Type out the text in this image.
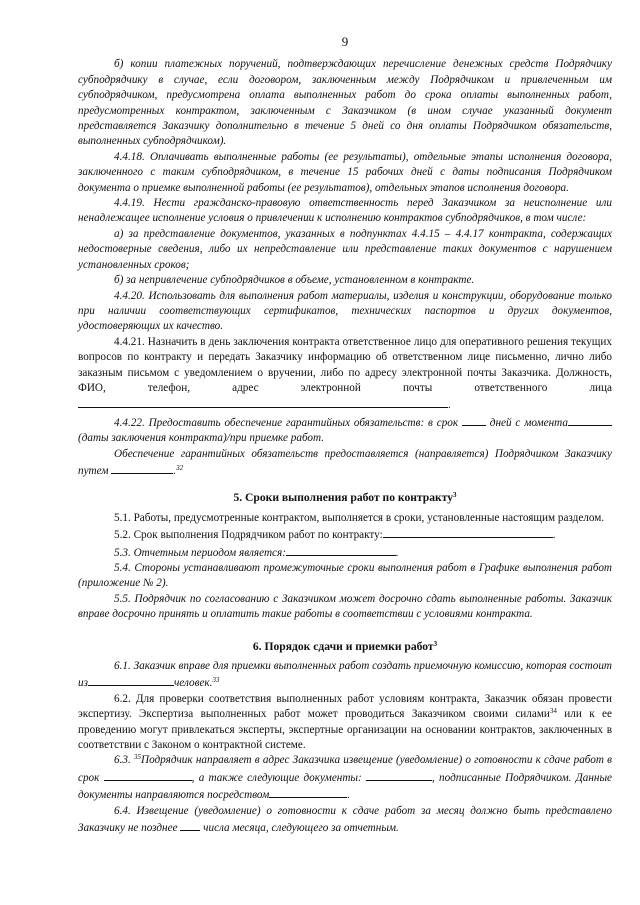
9

б) копии платежных поручений, подтверждающих перечисление денежных средств Подрядчику субподрядчику в случае, если договором, заключенным между Подрядчиком и привлеченным им субподрядчиком, предусмотрена оплата выполненных работ до срока оплаты выполненных работ, предусмотренных контрактом, заключенным с Заказчиком (в ином случае указанный документ представляется Заказчику дополнительно в течение 5 дней со дня оплаты Подрядчиком обязательств, выполненных субподрядчиком).

4.4.18. Оплачивать выполненные работы (ее результаты), отдельные этапы исполнения договора, заключенного с таким субподрядчиком, в течение 15 рабочих дней с даты подписания Подрядчиком документа о приемке выполненной работы (ее результатов), отдельных этапов исполнения договора.

4.4.19. Нести гражданско-правовую ответственность перед Заказчиком за неисполнение или ненадлежащее исполнение условия о привлечении к исполнению контрактов субподрядчиков, в том числе:

а) за представление документов, указанных в подпунктах 4.4.15 – 4.4.17 контракта, содержащих недостоверные сведения, либо их непредставление или представление таких документов с нарушением установленных сроков;

б) за непривлечение субподрядчиков в объеме, установленном в контракте.

4.4.20. Использовать для выполнения работ материалы, изделия и конструкции, оборудование только при наличии соответствующих сертификатов, технических паспортов и других документов, удостоверяющих их качество.

4.4.21. Назначить в день заключения контракта ответственное лицо для оперативного решения текущих вопросов по контракту и передать Заказчику информацию об ответственном лице письменно, лично либо заказным письмом с уведомлением о вручении, либо по адресу электронной почты Заказчика. Должность, ФИО, телефон, адрес электронной почты ответственного лица.

4.4.22. Предоставить обеспечение гарантийных обязательств: в срок	дней с момента (даты заключения контракта)/при приемке работ.

Обеспечение гарантийных обязательств предоставляется (направляется) Подрядчиком Заказчику путем	.$^{32}$

5. Сроки выполнения работ по контракту$^3$

5.1. Работы, предусмотренные контрактом, выполняется в сроки, установленные настоящим разделом.

5.2. Срок выполнения Подрядчиком работ по контракту:	.

5.3. Отчетным периодом является:	.

5.4. Стороны устанавливают промежуточные сроки выполнения работ в Графике выполнения работ (приложение № 2).

5.5. Подрядчик по согласованию с Заказчиком может досрочно сдать выполненные работы. Заказчик вправе досрочно принять и оплатить такие работы в соответствии с условиями контракта.

6. Порядок сдачи и приемки работ$^3$

6.1. Заказчик вправе для приемки выполненных работ создать приемочную комиссию, которая состоит из	человек.$^{33}$

6.2. Для проверки соответствия выполненных работ условиям контракта, Заказчик обязан провести экспертизу. Экспертиза выполненных работ может проводиться Заказчиком своими силами$^{34}$ или к ее проведению могут привлекаться эксперты, экспертные организации на основании контрактов, заключенных в соответствии с Законом о контрактной системе.

6.3. $^{35}$Подрядчик направляет в адрес Заказчика извещение (уведомление) о готовности к сдаче работ в срок	, а также следующие документы:	, подписанные Подрядчиком. Данные документы направляются посредством	.

6.4. Извещение (уведомление) о готовности к сдаче работ за месяц должно быть представлено Заказчику не позднее числа месяца, следующего за отчетным.
